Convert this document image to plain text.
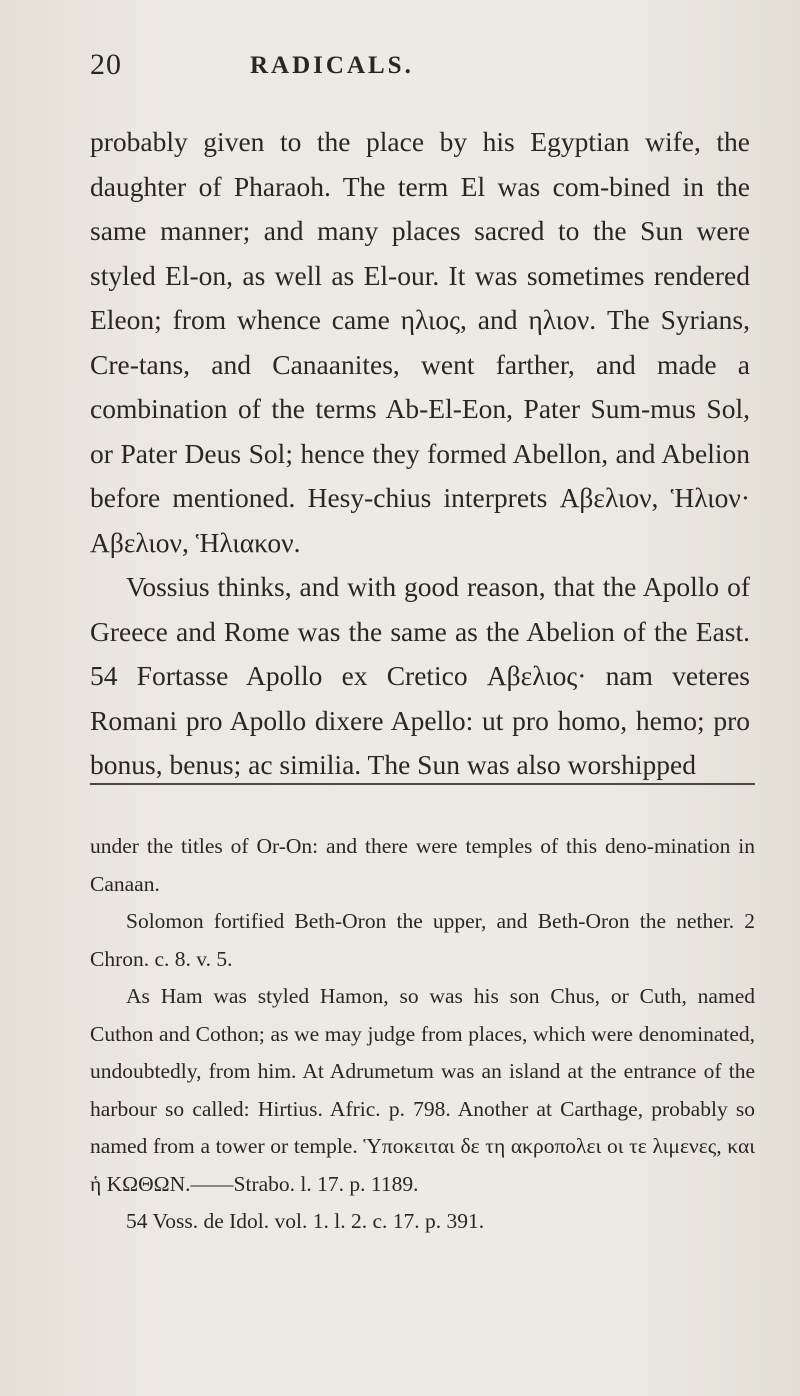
20	RADICALS.

probably given to the place by his Egyptian wife, the daughter of Pharaoh. The term El was com-bined in the same manner; and many places sacred to the Sun were styled El-on, as well as El-our. It was sometimes rendered Eleon; from whence came ηλιος, and ηλιον. The Syrians, Cre-tans, and Canaanites, went farther, and made a combination of the terms Ab-El-Eon, Pater Sum-mus Sol, or Pater Deus Sol; hence they formed Abellon, and Abelion before mentioned. Hesy-chius interprets Αβελιον, Ἡλιον· Αβελιον, Ἡλιακον.

Vossius thinks, and with good reason, that the Apollo of Greece and Rome was the same as the Abelion of the East. 54 Fortasse Apollo ex Cretico Αβελιος· nam veteres Romani pro Apollo dixere Apello: ut pro homo, hemo; pro bonus, benus; ac similia. The Sun was also worshipped

under the titles of Or-On: and there were temples of this deno-mination in Canaan.

Solomon fortified Beth-Oron the upper, and Beth-Oron the nether. 2 Chron. c. 8. v. 5.

As Ham was styled Hamon, so was his son Chus, or Cuth, named Cuthon and Cothon; as we may judge from places, which were denominated, undoubtedly, from him. At Adrumetum was an island at the entrance of the harbour so called: Hirtius. Afric. p. 798. Another at Carthage, probably so named from a tower or temple. Ὑποκειται δε τη ακροπολει οι τε λιμενες, και ἡ ΚΩΘΩΝ.——Strabo. l. 17. p. 1189.

54 Voss. de Idol. vol. 1. l. 2. c. 17. p. 391.
